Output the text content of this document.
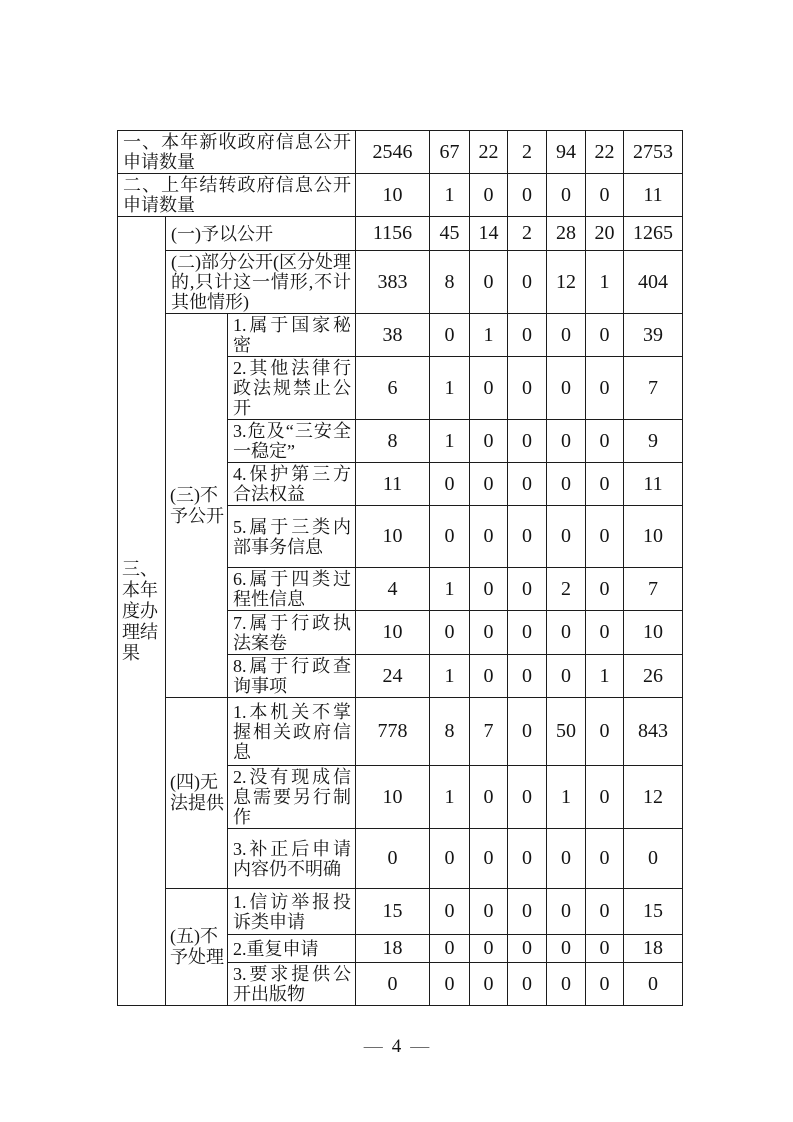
一、本年新收政府信息公开申请数量			2546	67	22	2	94	22	2753
二、上年结转政府信息公开申请数量			10	1	0	0	0	0	11
三、本年度办理结果	(一)予以公开		1156	45	14	2	28	20	1265
	(二)部分公开(区分处理的,只计这一情形,不计其他情形)		383	8	0	0	12	1	404
	(三)不予公开	1.属于国家秘密	38	0	1	0	0	0	39
		2.其他法律行政法规禁止公开	6	1	0	0	0	0	7
		3.危及“三安全一稳定”	8	1	0	0	0	0	9
		4.保护第三方合法权益	11	0	0	0	0	0	11
		5.属于三类内部事务信息	10	0	0	0	0	0	10
		6.属于四类过程性信息	4	1	0	0	2	0	7
		7.属于行政执法案卷	10	0	0	0	0	0	10
		8.属于行政查询事项	24	1	0	0	0	1	26
	(四)无法提供	1.本机关不掌握相关政府信息	778	8	7	0	50	0	843
		2.没有现成信息需要另行制作	10	1	0	0	1	0	12
		3.补正后申请内容仍不明确	0	0	0	0	0	0	0
	(五)不予处理	1.信访举报投诉类申请	15	0	0	0	0	0	15
		2.重复申请	18	0	0	0	0	0	18
		3.要求提供公开出版物	0	0	0	0	0	0	0
— 4 —
